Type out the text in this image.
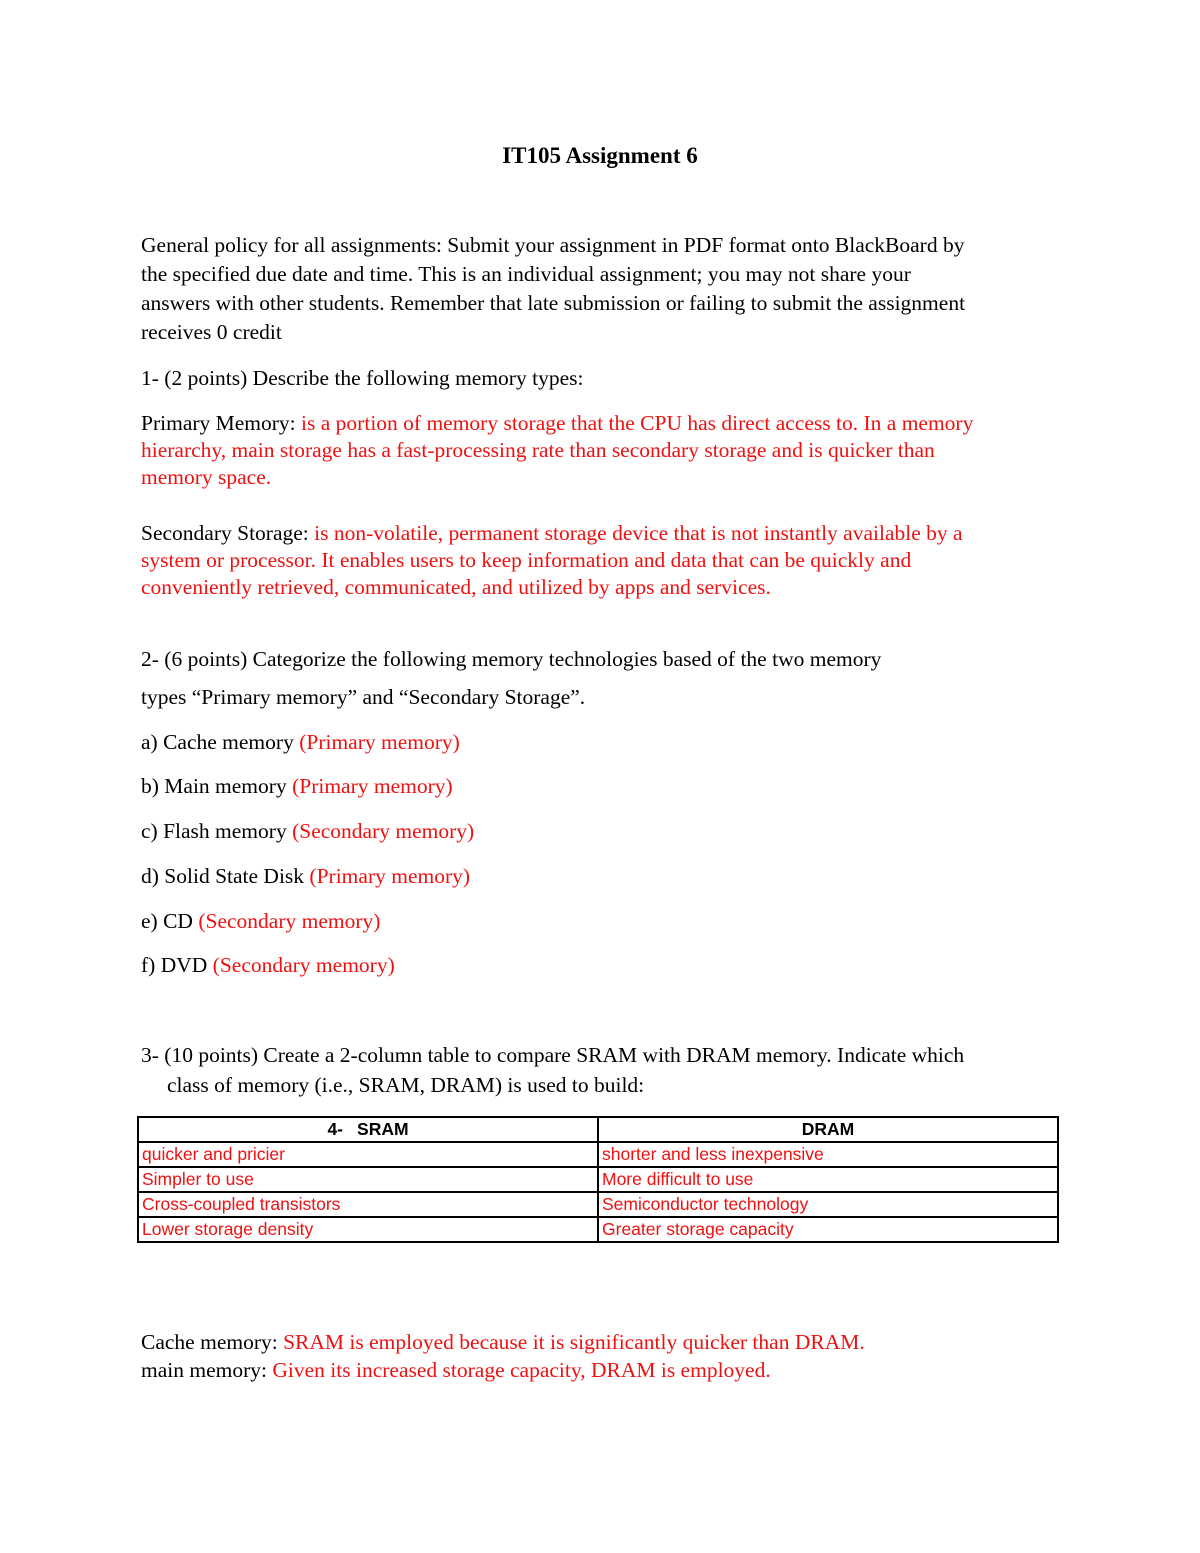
IT105 Assignment 6
General policy for all assignments: Submit your assignment in PDF format onto BlackBoard by
the specified due date and time. This is an individual assignment; you may not share your
answers with other students. Remember that late submission or failing to submit the assignment
receives 0 credit
1- (2 points) Describe the following memory types:
Primary Memory: is a portion of memory storage that the CPU has direct access to. In a memory
hierarchy, main storage has a fast-processing rate than secondary storage and is quicker than
memory space.
Secondary Storage: is non-volatile, permanent storage device that is not instantly available by a
system or processor. It enables users to keep information and data that can be quickly and
conveniently retrieved, communicated, and utilized by apps and services.
2- (6 points) Categorize the following memory technologies based of the two memory
types “Primary memory” and “Secondary Storage”.
a) Cache memory (Primary memory)
b) Main memory (Primary memory)
c) Flash memory (Secondary memory)
d) Solid State Disk (Primary memory)
e) CD (Secondary memory)
f) DVD (Secondary memory)
3- (10 points) Create a 2-column table to compare SRAM with DRAM memory. Indicate which
class of memory (i.e., SRAM, DRAM) is used to build:
4- SRAM	DRAM
quicker and pricier	shorter and less inexpensive
Simpler to use	More difficult to use
Cross-coupled transistors	Semiconductor technology
Lower storage density	Greater storage capacity
Cache memory: SRAM is employed because it is significantly quicker than DRAM.
main memory: Given its increased storage capacity, DRAM is employed.
